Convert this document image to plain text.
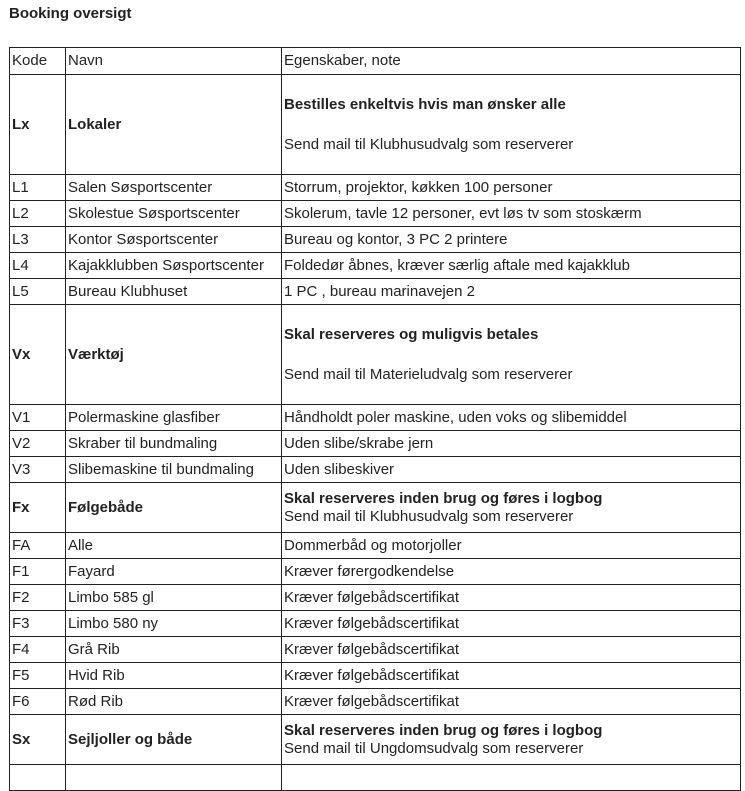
Booking oversigt
Kode	Navn	Egenskaber, note
Lx	Lokaler	Bestilles enkeltvis hvis man ønsker alle
Send mail til Klubhusudvalg som reserverer

L1	Salen Søsportscenter	Storrum, projektor, køkken 100 personer
L2	Skolestue Søsportscenter	Skolerum, tavle 12 personer, evt løs tv som stoskærm
L3	Kontor Søsportscenter	Bureau og kontor, 3 PC 2 printere
L4	Kajakklubben Søsportscenter	Foldedør åbnes, kræver særlig aftale med kajakklub
L5	Bureau Klubhuset	1 PC , bureau marinavejen 2
Vx	Værktøj	Skal reserveres og muligvis betales
Send mail til Materieludvalg som reserverer

V1	Polermaskine glasfiber	Håndholdt poler maskine, uden voks og slibemiddel
V2	Skraber til bundmaling	Uden slibe/skrabe jern
V3	Slibemaskine til bundmaling	Uden slibeskiver
Fx	Følgebåde	Skal reserveres inden brug og føres i logbog
Send mail til Klubhusudvalg som reserverer

FA	Alle	Dommerbåd og motorjoller
F1	Fayard	Kræver førergodkendelse
F2	Limbo 585 gl	Kræver følgebådscertifikat
F3	Limbo 580 ny	Kræver følgebådscertifikat
F4	Grå Rib	Kræver følgebådscertifikat
F5	Hvid Rib	Kræver følgebådscertifikat
F6	Rød Rib	Kræver følgebådscertifikat
Sx	Sejljoller og både	Skal reserveres inden brug og føres i logbog
Send mail til Ungdomsudvalg som reserverer
